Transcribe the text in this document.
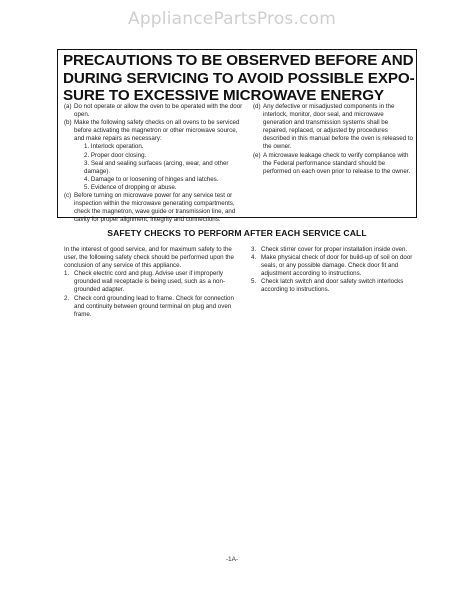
AppliancePartsPros.com
PRECAUTIONS TO BE OBSERVED BEFORE AND
DURING SERVICING TO AVOID POSSIBLE EXPO-
SURE TO EXCESSIVE MICROWAVE ENERGY
(a) Do not operate or allow the oven to be operated with the door open.
(b) Make the following safety checks on all ovens to be serviced before activating the magnetron or other microwave source, and make repairs as necessary:
1. Interlock operation.
2. Proper door closing.
3. Seal and sealing surfaces (arcing, wear, and other damage).
4. Damage to or loosening of hinges and latches.
5. Evidence of dropping or abuse.
(c) Before turning on microwave power for any service test or inspection within the microwave generating compartments, check the magnetron, wave guide or transmission line, and cavity for proper alignment, integrity and connections.
(d) Any defective or misadjusted components in the interlock, monitor, door seal, and microwave generation and transmission systems shall be repaired, replaced, or adjusted by procedures described in this manual before the oven is released to the owner.
(e) A microwave leakage check to verify compliance with the Federal performance standard should be performed on each oven prior to release to the owner.
SAFETY CHECKS TO PERFORM AFTER EACH SERVICE CALL
In the interest of good service, and for maximum safety to the user, the following safety check should be performed upon the conclusion of any service of this appliance.
1. Check electric cord and plug. Advise user if improperly grounded wall receptacle is being used, such as a non-grounded adapter.
2. Check cord grounding lead to frame. Check for connection and continuity between ground terminal on plug and oven frame.
3. Check stirrer cover for proper installation inside oven.
4. Make physical check of door for build-up of soil on door seals, or any possible damage. Check door fit and adjustment according to instructions.
5. Check latch switch and door safety switch interlocks according to instructions.
-1A-
